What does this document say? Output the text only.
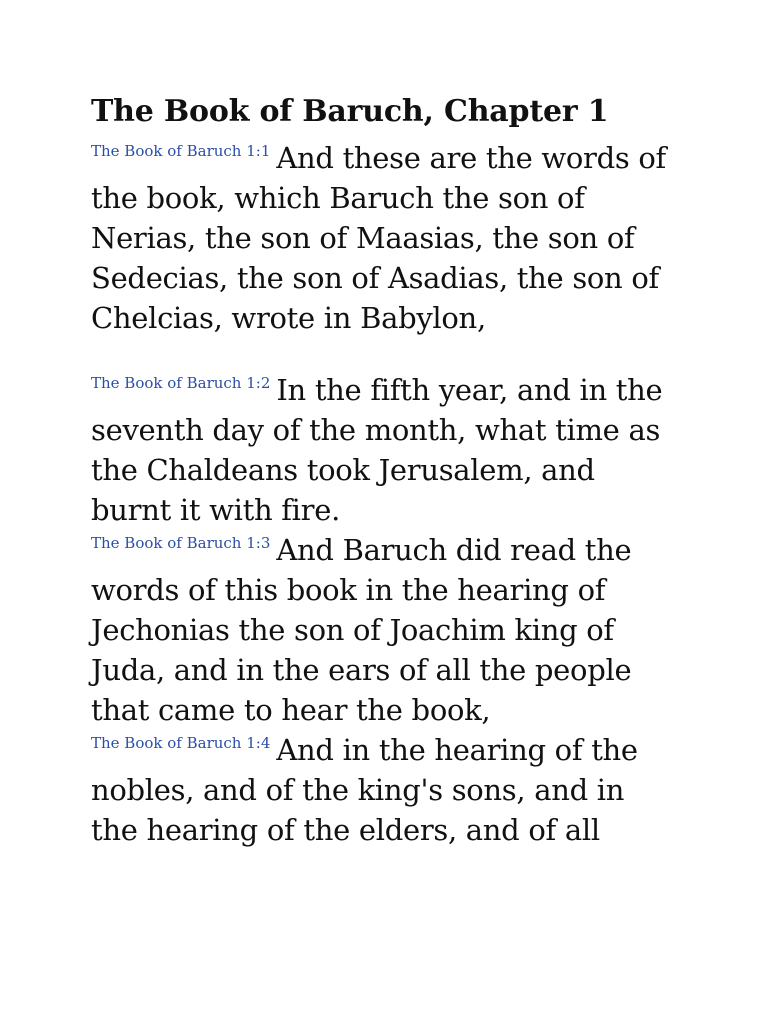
The Book of Baruch, Chapter 1

$^{The Book of Baruch 1:1}$ And these are the words of the book, which Baruch the son of Nerias, the son of Maasias, the son of Sedecias, the son of Asadias, the son of Chelcias, wrote in Babylon,

$^{The Book of Baruch 1:2}$ In the fifth year, and in the seventh day of the month, what time as the Chaldeans took Jerusalem, and burnt it with fire.

$^{The Book of Baruch 1:3}$ And Baruch did read the words of this book in the hearing of Jechonias the son of Joachim king of Juda, and in the ears of all the people that came to hear the book,

$^{The Book of Baruch 1:4}$ And in the hearing of the nobles, and of the king's sons, and in the hearing of the elders, and of all
